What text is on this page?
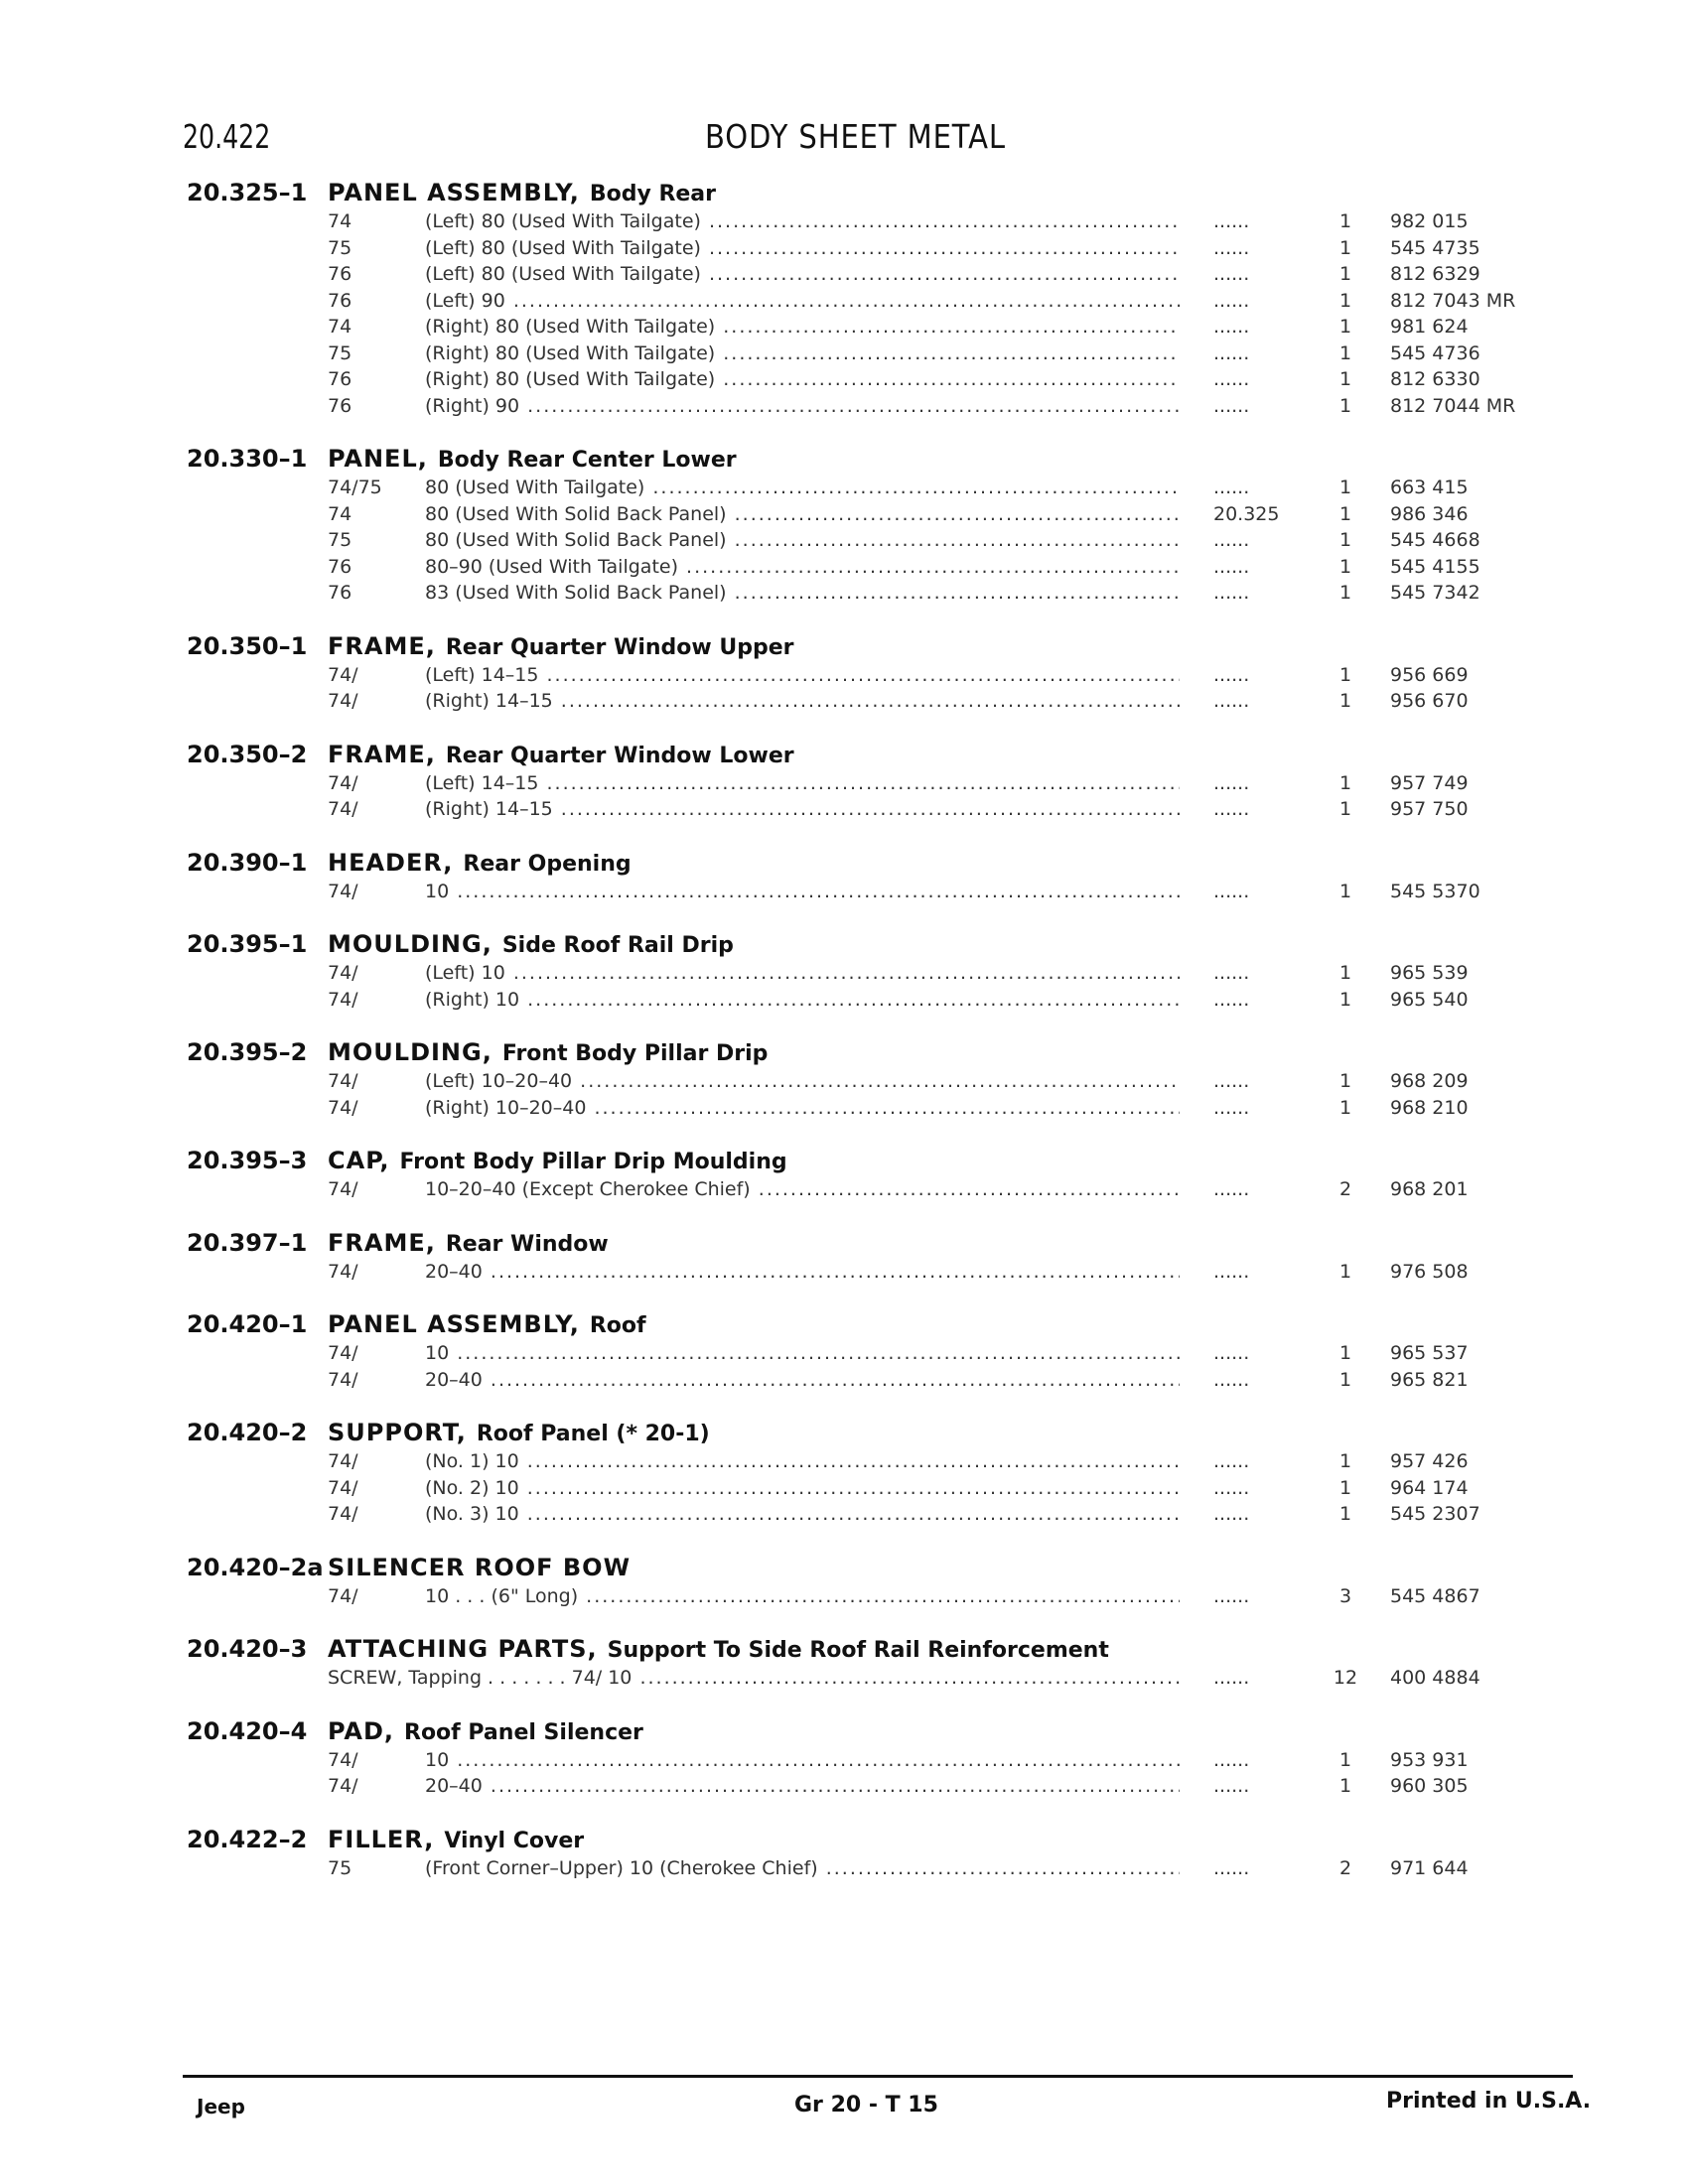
20.422	BODY SHEET METAL
20.325–1 PANEL ASSEMBLY, Body Rear
74	(Left) 80 (Used With Tailgate) .....	......	1	982 015
75	(Left) 80 (Used With Tailgate) .....	......	1	545 4735
76	(Left) 80 (Used With Tailgate) .....	......	1	812 6329
76	(Left) 90 .....	......	1	812 7043 MR
74	(Right) 80 (Used With Tailgate) .....	......	1	981 624
75	(Right) 80 (Used With Tailgate) .....	......	1	545 4736
76	(Right) 80 (Used With Tailgate) .....	......	1	812 6330
76	(Right) 90 .....	......	1	812 7044 MR
20.330–1 PANEL, Body Rear Center Lower
74/75	80 (Used With Tailgate) .....	......	1	663 415
74	80 (Used With Solid Back Panel) .....	20.325	1	986 346
75	80 (Used With Solid Back Panel) .....	......	1	545 4668
76	80–90 (Used With Tailgate) .....	......	1	545 4155
76	83 (Used With Solid Back Panel) .....	......	1	545 7342
20.350–1 FRAME, Rear Quarter Window Upper
74/	(Left) 14–15 .....	......	1	956 669
74/	(Right) 14–15 .....	......	1	956 670
20.350–2 FRAME, Rear Quarter Window Lower
74/	(Left) 14–15 .....	......	1	957 749
74/	(Right) 14–15 .....	......	1	957 750
20.390–1 HEADER, Rear Opening
74/	10 .....	......	1	545 5370
20.395–1 MOULDING, Side Roof Rail Drip
74/	(Left) 10 .....	......	1	965 539
74/	(Right) 10 .....	......	1	965 540
20.395–2 MOULDING, Front Body Pillar Drip
74/	(Left) 10–20–40 .....	......	1	968 209
74/	(Right) 10–20–40 .....	......	1	968 210
20.395–3 CAP, Front Body Pillar Drip Moulding
74/	10–20–40 (Except Cherokee Chief) .....	......	2	968 201
20.397–1 FRAME, Rear Window
74/	20–40 .....	......	1	976 508
20.420–1 PANEL ASSEMBLY, Roof
74/	10 .....	......	1	965 537
74/	20–40 .....	......	1	965 821
20.420–2 SUPPORT, Roof Panel (* 20-1)
74/	(No. 1) 10 .....	......	1	957 426
74/	(No. 2) 10 .....	......	1	964 174
74/	(No. 3) 10 .....	......	1	545 2307
20.420–2a SILENCER ROOF BOW
74/	10 . . . (6" Long) .....	......	3	545 4867
20.420–3 ATTACHING PARTS, Support To Side Roof Rail Reinforcement
SCREW, Tapping . . . . . . . 74/ 10 .....	......	12	400 4884
20.420–4 PAD, Roof Panel Silencer
74/	10 .....	......	1	953 931
74/	20–40 .....	......	1	960 305
20.422–2 FILLER, Vinyl Cover
75	(Front Corner–Upper) 10 (Cherokee Chief) .....	......	2	971 644
Jeep	Gr 20 - T 15	Printed in U.S.A.
